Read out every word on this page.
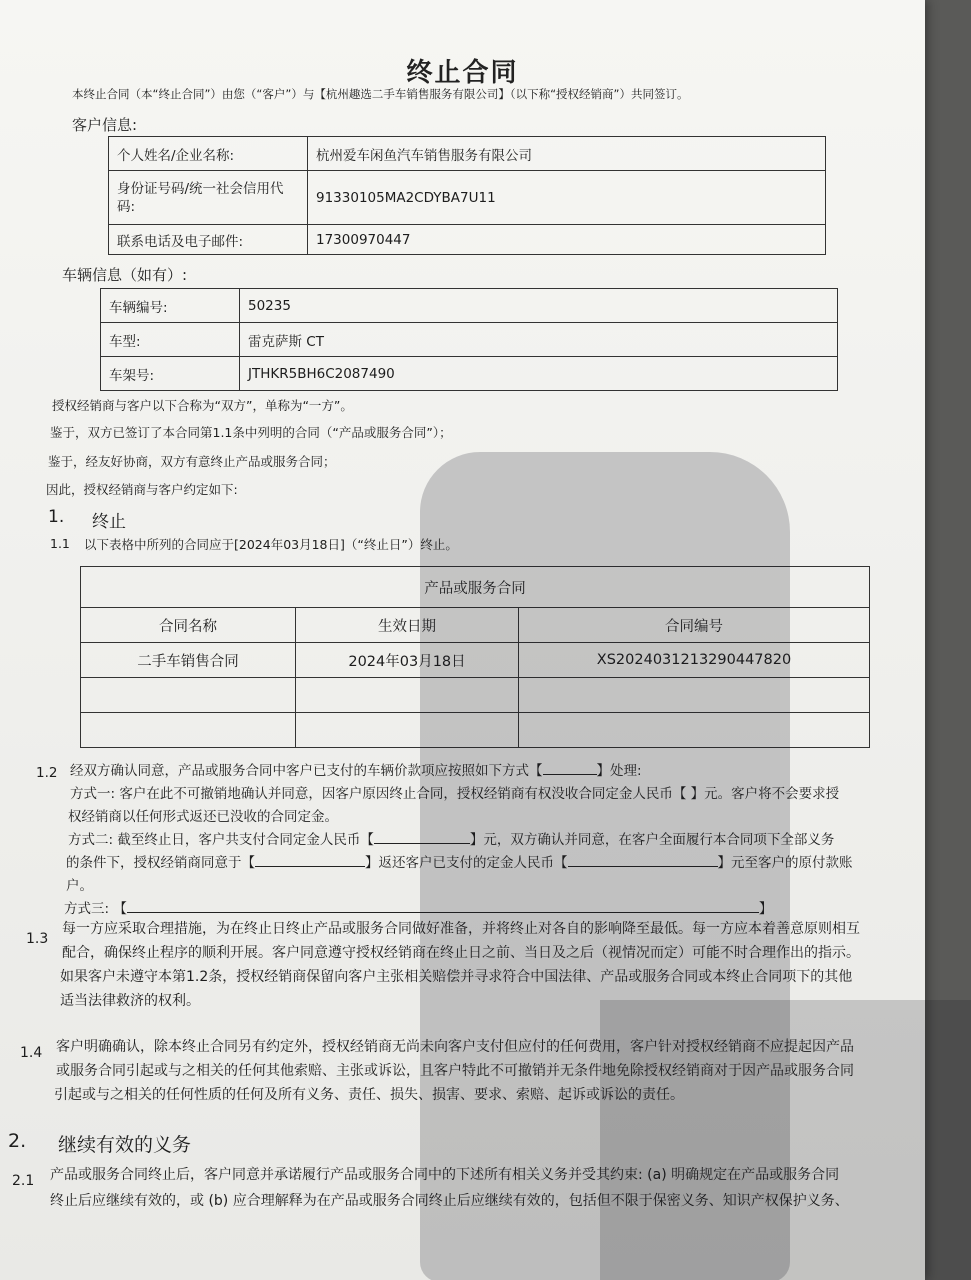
终止合同
本终止合同（本“终止合同”）由您（“客户”）与【杭州趣选二手车销售服务有限公司】（以下称“授权经销商”）共同签订。
客户信息:
个人姓名/企业名称:	杭州爱车闲鱼汽车销售服务有限公司
身份证号码/统一社会信用代码:	91330105MA2CDYBA7U11
联系电话及电子邮件:	17300970447
车辆信息（如有）:
车辆编号:	50235
车型:	雷克萨斯 CT
车架号:	JTHKR5BH6C2087490
授权经销商与客户以下合称为“双方”，单称为“一方”。
鉴于，双方已签订了本合同第1.1条中列明的合同（“产品或服务合同”）；
鉴于，经友好协商，双方有意终止产品或服务合同；
因此，授权经销商与客户约定如下:
1. 终止
1.1 以下表格中所列的合同应于[2024年03月18日]（“终止日”）终止。
产品或服务合同		
合同名称	生效日期	合同编号
二手车销售合同	2024年03月18日	XS2024031213290447820

1.2 经双方确认同意，产品或服务合同中客户已支付的车辆价款项应按照如下方式【	】处理:
方式一: 客户在此不可撤销地确认并同意，因客户原因终止合同，授权经销商有权没收合同定金人民币【 】元。客户将不会要求授
权经销商以任何形式返还已没收的合同定金。
方式二: 截至终止日，客户共支付合同定金人民币【	】元，双方确认并同意，在客户全面履行本合同项下全部义务
的条件下，授权经销商同意于【	】返还客户已支付的定金人民币【	】元至客户的原付款账
户。
方式三: 【	】
1.3
每一方应采取合理措施，为在终止日终止产品或服务合同做好准备，并将终止对各自的影响降至最低。每一方应本着善意原则相互
配合，确保终止程序的顺利开展。客户同意遵守授权经销商在终止日之前、当日及之后（视情况而定）可能不时合理作出的指示。
如果客户未遵守本第1.2条，授权经销商保留向客户主张相关赔偿并寻求符合中国法律、产品或服务合同或本终止合同项下的其他
适当法律救济的权利。
1.4 客户明确确认，除本终止合同另有约定外，授权经销商无尚未向客户支付但应付的任何费用，客户针对授权经销商不应提起因产品
或服务合同引起或与之相关的任何其他索赔、主张或诉讼，且客户特此不可撤销并无条件地免除授权经销商对于因产品或服务合同
引起或与之相关的任何性质的任何及所有义务、责任、损失、损害、要求、索赔、起诉或诉讼的责任。
2. 继续有效的义务
2.1 产品或服务合同终止后，客户同意并承诺履行产品或服务合同中的下述所有相关义务并受其约束: (a) 明确规定在产品或服务合同
终止后应继续有效的，或 (b) 应合理解释为在产品或服务合同终止后应继续有效的，包括但不限于保密义务、知识产权保护义务、
